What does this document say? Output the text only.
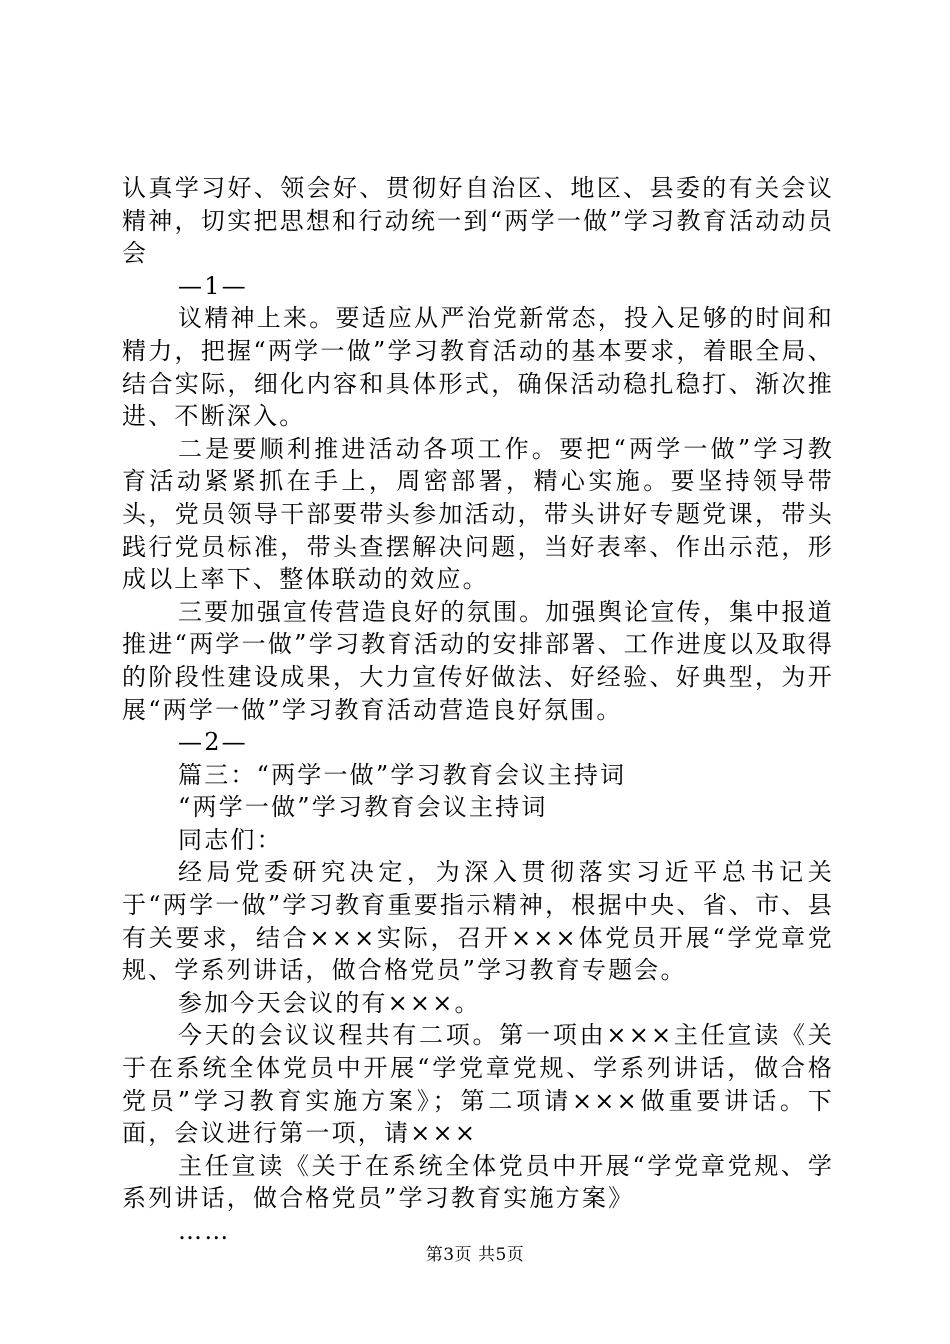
认真学习好、领会好、贯彻好自治区、地区、县委的有关会议精神，切实把思想和行动统一到“两学一做”学习教育活动动员会

—1—

议精神上来。要适应从严治党新常态，投入足够的时间和精力，把握“两学一做”学习教育活动的基本要求，着眼全局、结合实际，细化内容和具体形式，确保活动稳扎稳打、渐次推进、不断深入。

二是要顺利推进活动各项工作。要把“两学一做”学习教育活动紧紧抓在手上，周密部署，精心实施。要坚持领导带头，党员领导干部要带头参加活动，带头讲好专题党课，带头践行党员标准，带头查摆解决问题，当好表率、作出示范，形成以上率下、整体联动的效应。

三要加强宣传营造良好的氛围。加强舆论宣传，集中报道推进“两学一做”学习教育活动的安排部署、工作进度以及取得的阶段性建设成果，大力宣传好做法、好经验、好典型，为开展“两学一做”学习教育活动营造良好氛围。

—2—

篇三：“两学一做”学习教育会议主持词

“两学一做”学习教育会议主持词

同志们：

经局党委研究决定，为深入贯彻落实习近平总书记关于“两学一做”学习教育重要指示精神，根据中央、省、市、县有关要求，结合×××实际，召开×××体党员开展“学党章党规、学系列讲话，做合格党员”学习教育专题会。

参加今天会议的有×××。

今天的会议议程共有二项。第一项由×××主任宣读《关于在系统全体党员中开展“学党章党规、学系列讲话，做合格党员”学习教育实施方案》；第二项请×××做重要讲话。下面，会议进行第一项，请×××

主任宣读《关于在系统全体党员中开展“学党章党规、学系列讲话，做合格党员”学习教育实施方案》

……

第3页 共5页
